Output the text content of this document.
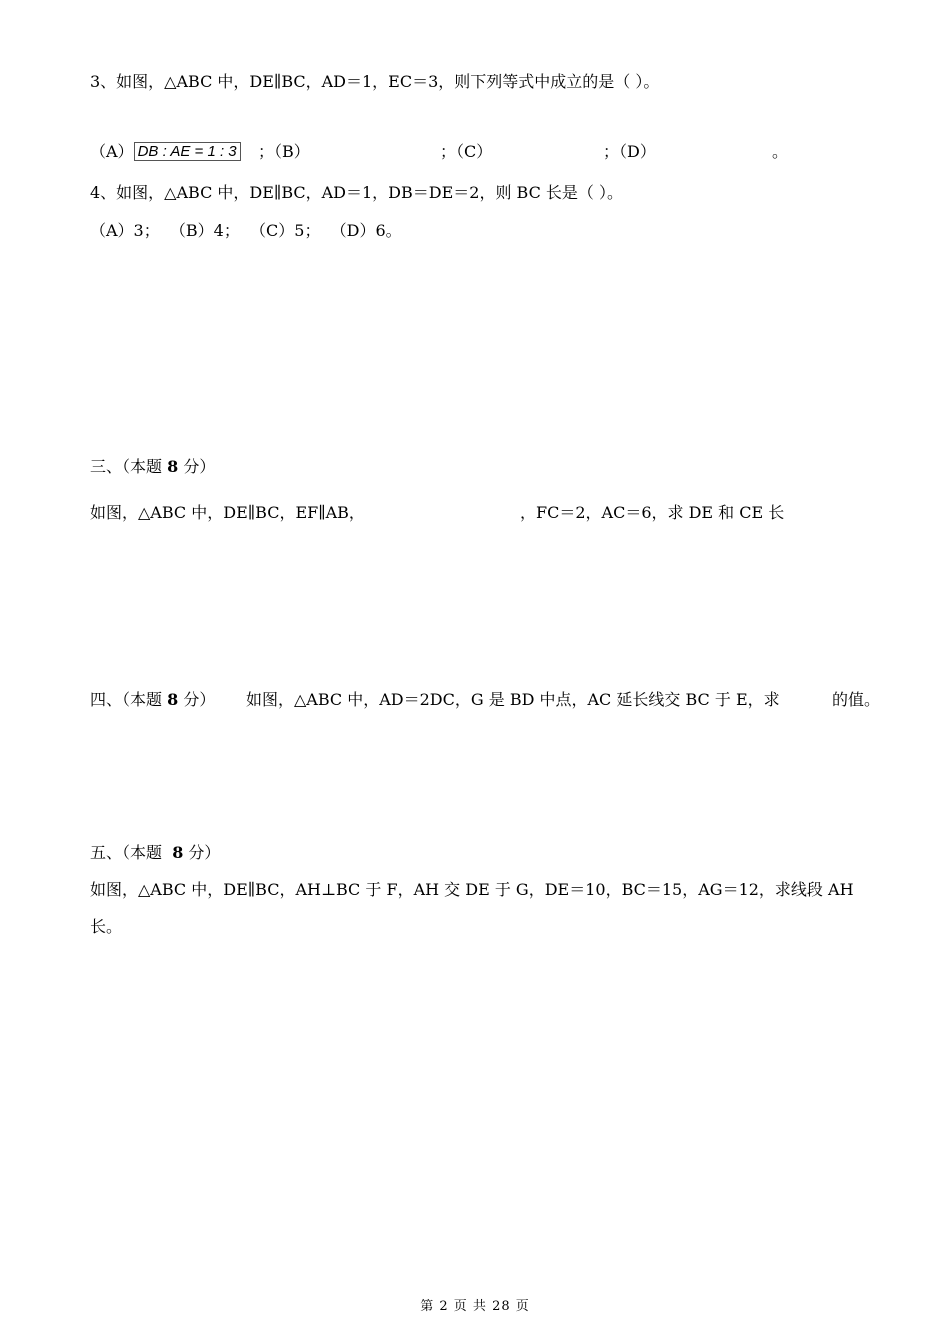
3、如图，△ABC 中，DE∥BC，AD＝1，EC＝3，则下列等式中成立的是（ ）。
（A） DB : AE = 1 : 3 ；（B）	；（C）	；（D）	。
4、如图，△ABC 中，DE∥BC，AD＝1，DB＝DE＝2，则 BC 长是（ ）。
（A）3；  （B）4；  （C）5；  （D）6。
三、（本题 8 分）
如图，△ABC 中，DE∥BC，EF∥AB，	，FC＝2，AC＝6，求 DE 和 CE 长
四、（本题 8 分） 如图，△ABC 中，AD＝2DC，G 是 BD 中点，AC 延长线交 BC 于 E，求	的值。
五、（本题  8 分）
如图，△ABC 中，DE∥BC，AH⊥BC 于 F，AH 交 DE 于 G，DE＝10，BC＝15，AG＝12，求线段 AH
长。
第 2 页 共 28 页
